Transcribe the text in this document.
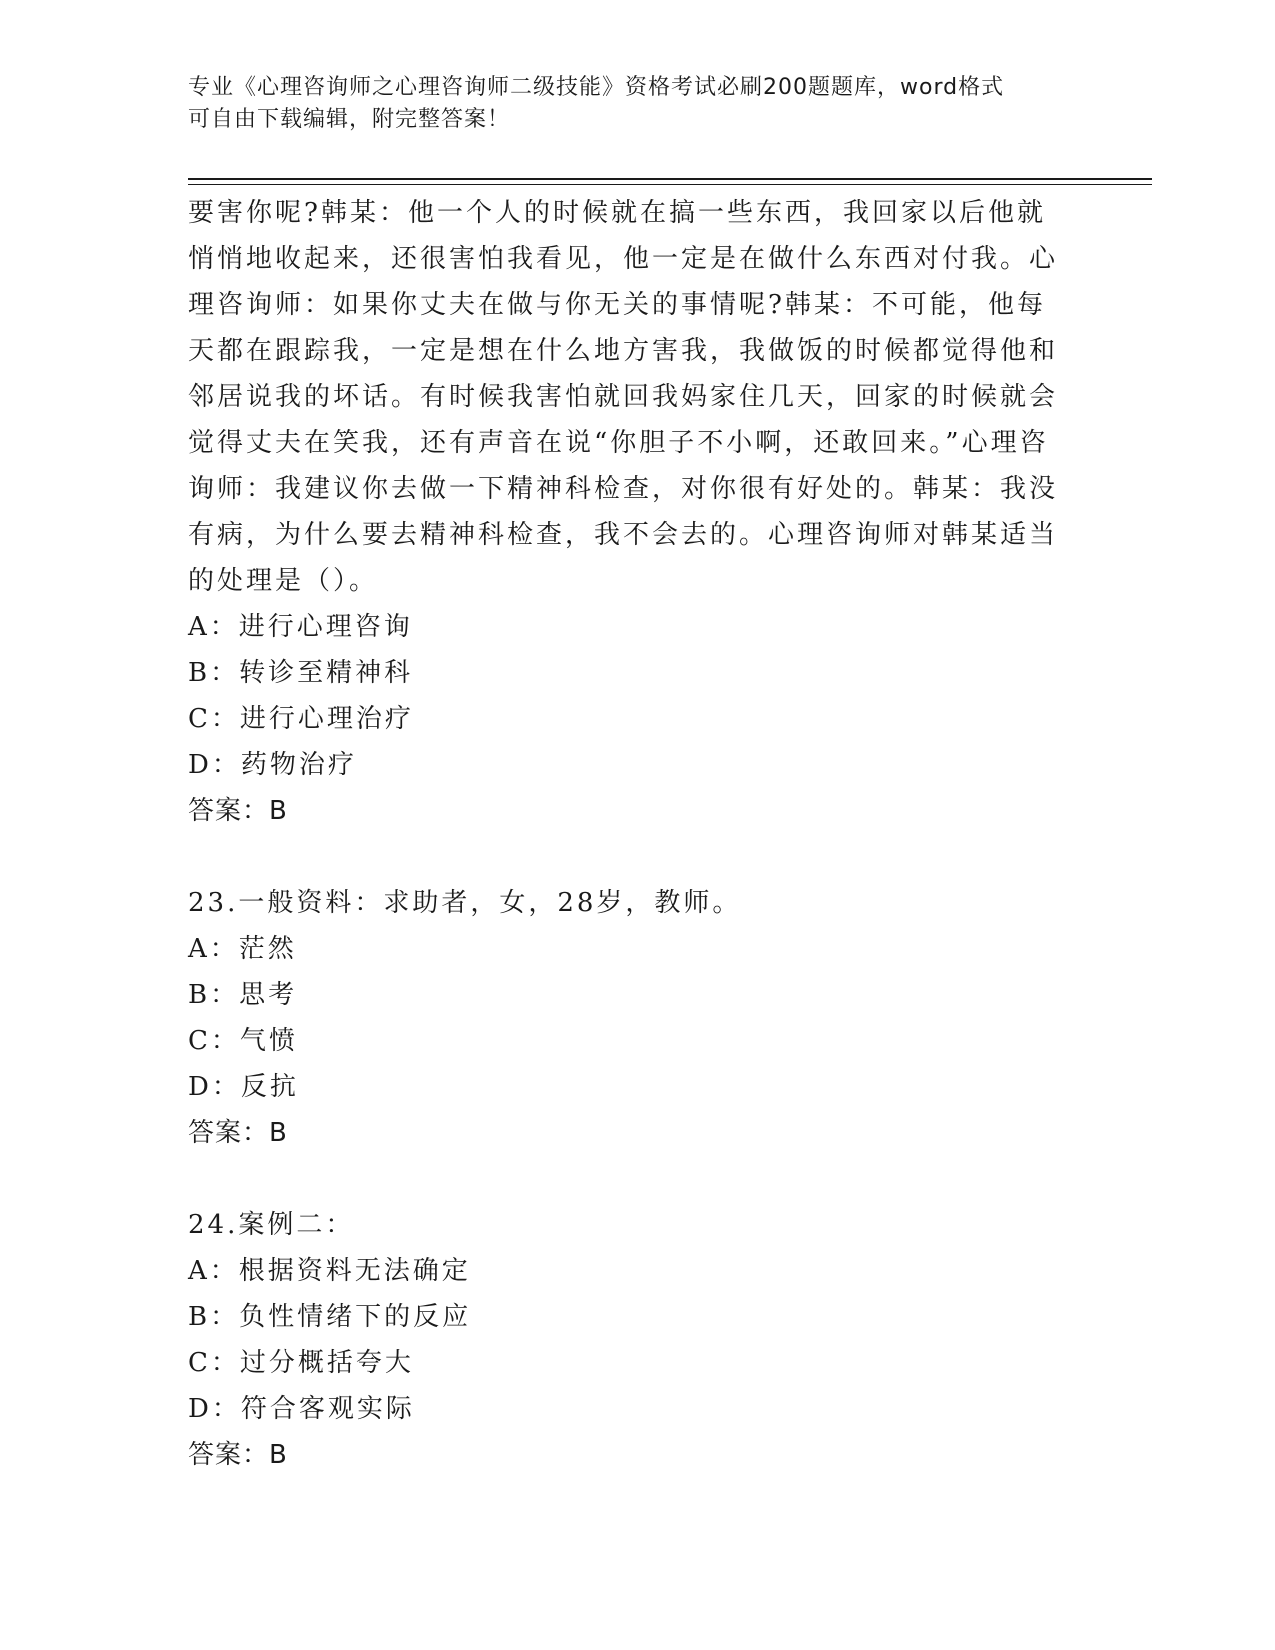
专业《心理咨询师之心理咨询师二级技能》资格考试必刷200题题库，word格式
可自由下载编辑，附完整答案！

要害你呢?韩某：他一个人的时候就在搞一些东西，我回家以后他就悄悄地收起来，还很害怕我看见，他一定是在做什么东西对付我。心理咨询师：如果你丈夫在做与你无关的事情呢?韩某：不可能，他每天都在跟踪我，一定是想在什么地方害我，我做饭的时候都觉得他和邻居说我的坏话。有时候我害怕就回我妈家住几天，回家的时候就会觉得丈夫在笑我，还有声音在说“你胆子不小啊，还敢回来。”心理咨询师：我建议你去做一下精神科检查，对你很有好处的。韩某：我没有病，为什么要去精神科检查，我不会去的。心理咨询师对韩某适当的处理是（）。

A：进行心理咨询

B：转诊至精神科

C：进行心理治疗

D：药物治疗

答案：B

23.一般资料：求助者，女，28岁，教师。

A：茫然

B：思考

C：气愤

D：反抗

答案：B

24.案例二：

A：根据资料无法确定

B：负性情绪下的反应

C：过分概括夸大

D：符合客观实际

答案：B
